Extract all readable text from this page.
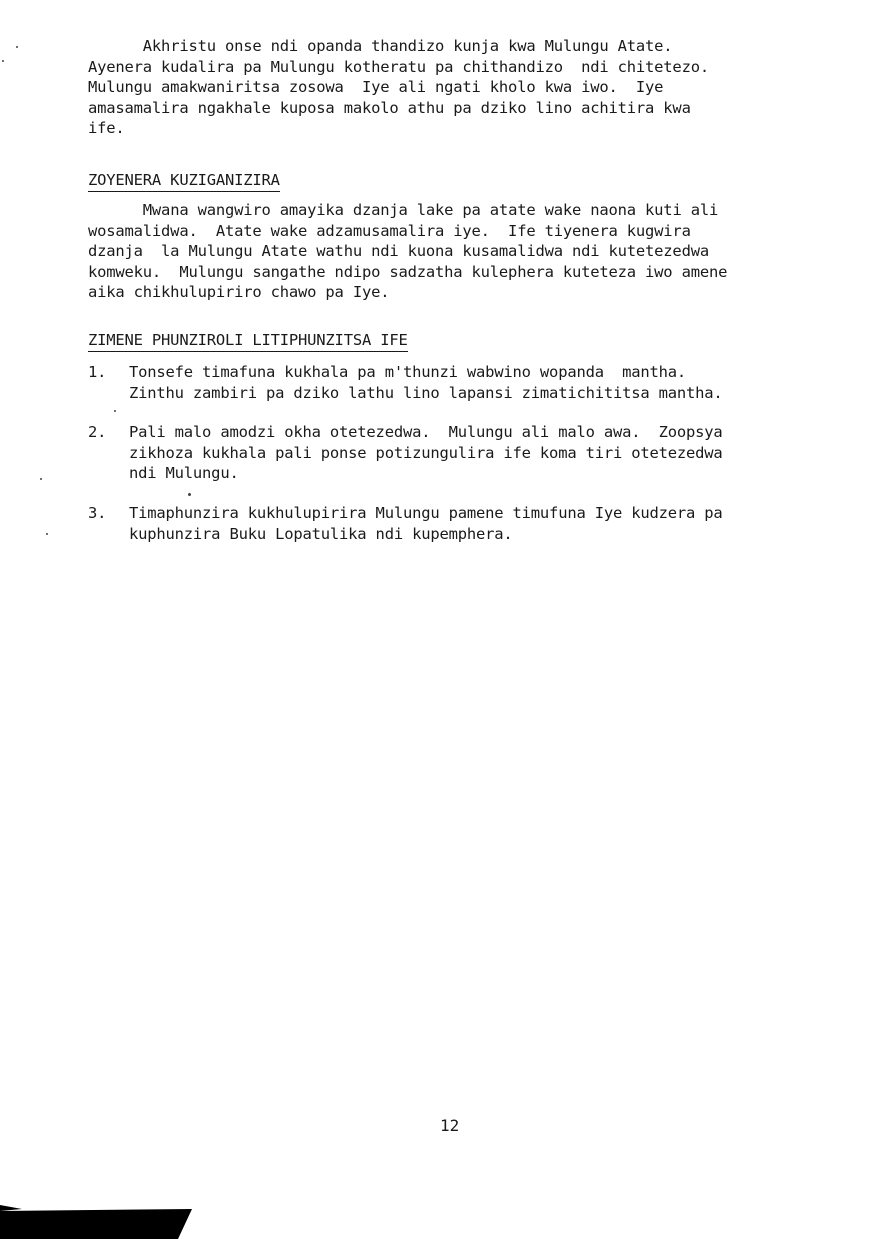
Akhristu onse ndi opanda thandizo kunja kwa Mulungu Atate.
Ayenera kudalira pa Mulungu kotheratu pa chithandizo  ndi chitetezo.
Mulungu amakwaniritsa zosowa  Iye ali ngati kholo kwa iwo.  Iye
amasamalira ngakhale kuposa makolo athu pa dziko lino achitira kwa
ife.
ZOYENERA KUZIGANIZIRA
Mwana wangwiro amayika dzanja lake pa atate wake naona kuti ali
wosamalidwa.  Atate wake adzamusamalira iye.  Ife tiyenera kugwira
dzanja  la Mulungu Atate wathu ndi kuona kusamalidwa ndi kutetezedwa
komweku.  Mulungu sangathe ndipo sadzatha kulephera kuteteza iwo amene
aika chikhulupiriro chawo pa Iye.
ZIMENE PHUNZIROLI LITIPHUNZITSA IFE
1. Tonsefe timafuna kukhala pa m'thunzi wabwino wopanda  mantha.
Zinthu zambiri pa dziko lathu lino lapansi zimatichititsa mantha.
2. Pali malo amodzi okha otetezedwa.  Mulungu ali malo awa.  Zoopsya
zikhoza kukhala pali ponse potizungulira ife koma tiri otetezedwa
ndi Mulungu.
3. Timaphunzira kukhulupirira Mulungu pamene timufuna Iye kudzera pa
kuphunzira Buku Lopatulika ndi kupemphera.
12
